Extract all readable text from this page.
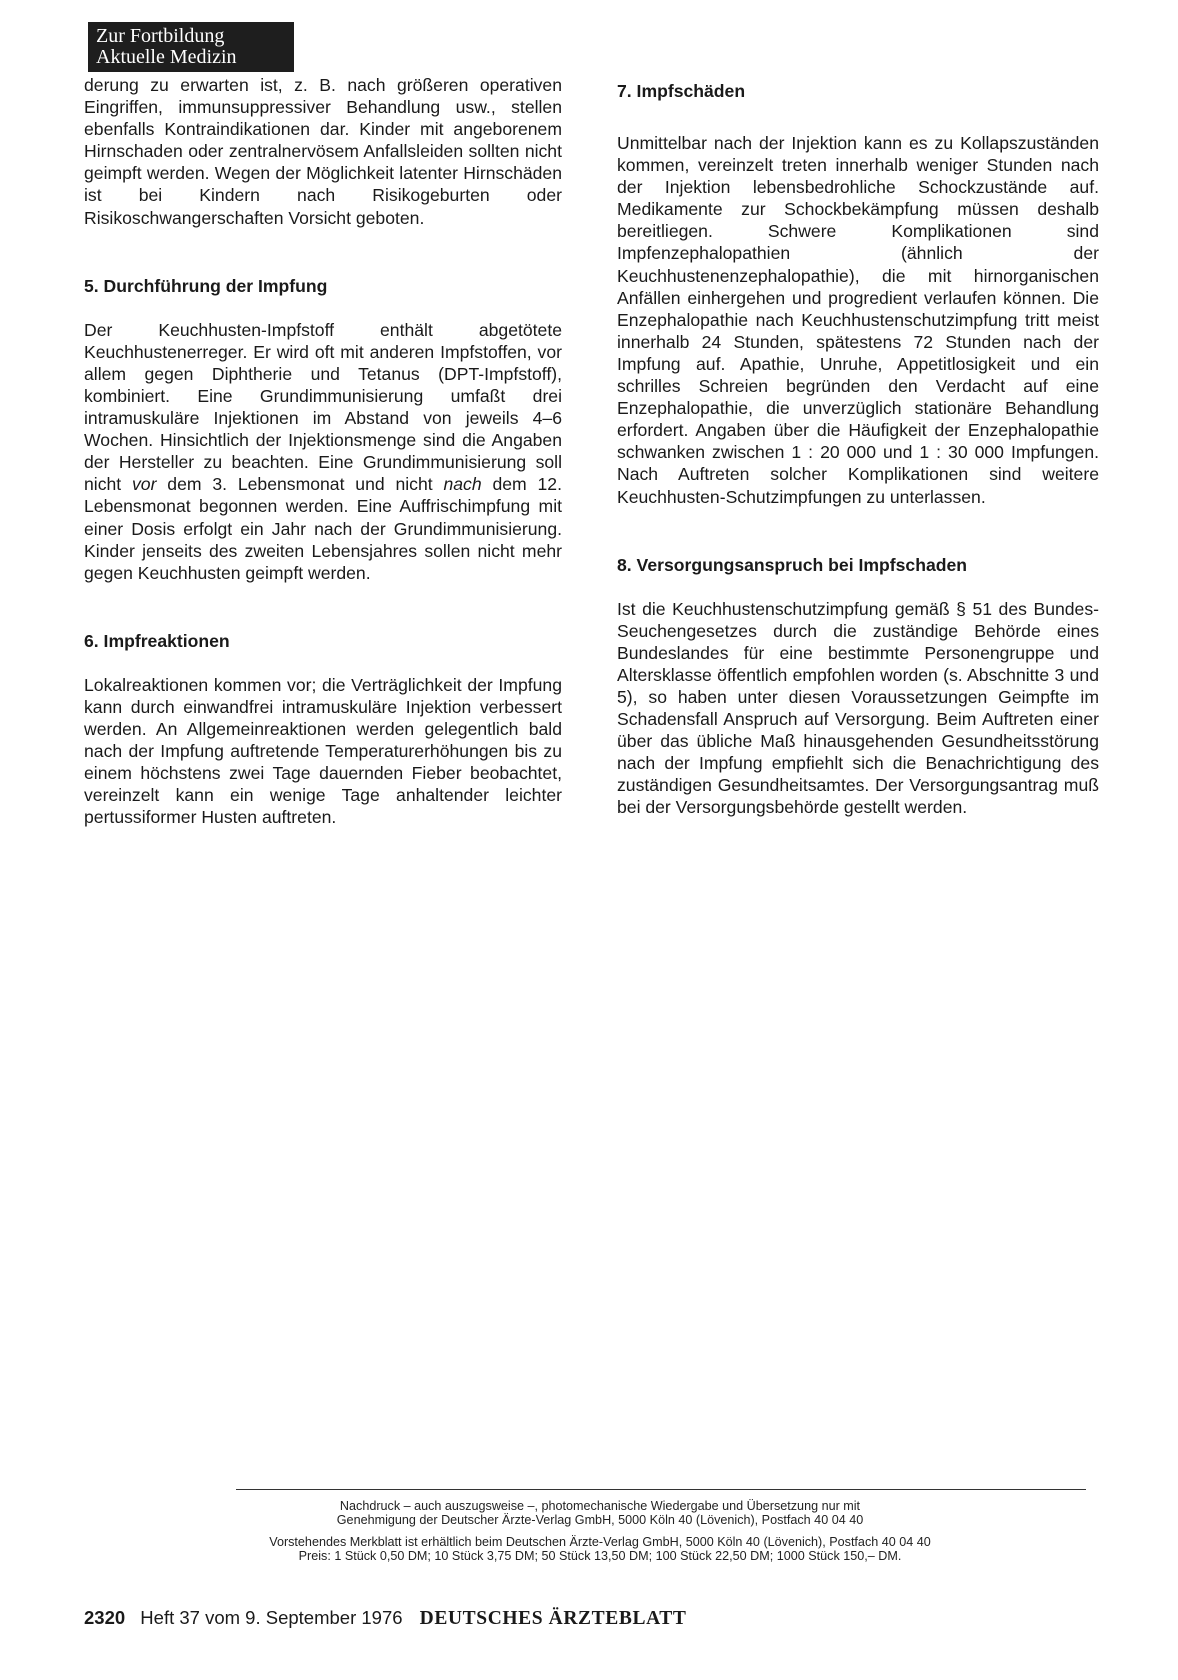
Zur Fortbildung
Aktuelle Medizin

derung zu erwarten ist, z. B. nach größeren operativen Eingriffen, immunsuppressiver Behandlung usw., stellen ebenfalls Kontraindikationen dar. Kinder mit angeborenem Hirnschaden oder zentralnervösem Anfallsleiden sollten nicht geimpft werden. Wegen der Möglichkeit latenter Hirnschäden ist bei Kindern nach Risikogeburten oder Risikoschwangerschaften Vorsicht geboten.

5. Durchführung der Impfung

Der Keuchhusten-Impfstoff enthält abgetötete Keuchhustenerreger. Er wird oft mit anderen Impfstoffen, vor allem gegen Diphtherie und Tetanus (DPT-Impfstoff), kombiniert. Eine Grundimmunisierung umfaßt drei intramuskuläre Injektionen im Abstand von jeweils 4–6 Wochen. Hinsichtlich der Injektionsmenge sind die Angaben der Hersteller zu beachten. Eine Grundimmunisierung soll nicht vor dem 3. Lebensmonat und nicht nach dem 12. Lebensmonat begonnen werden. Eine Auffrischimpfung mit einer Dosis erfolgt ein Jahr nach der Grundimmunisierung. Kinder jenseits des zweiten Lebensjahres sollen nicht mehr gegen Keuchhusten geimpft werden.

6. Impfreaktionen

Lokalreaktionen kommen vor; die Verträglichkeit der Impfung kann durch einwandfrei intramuskuläre Injektion verbessert werden. An Allgemeinreaktionen werden gelegentlich bald nach der Impfung auftretende Temperaturerhöhungen bis zu einem höchstens zwei Tage dauernden Fieber beobachtet, vereinzelt kann ein wenige Tage anhaltender leichter pertussiformer Husten auftreten.

7. Impfschäden

Unmittelbar nach der Injektion kann es zu Kollapszuständen kommen, vereinzelt treten innerhalb weniger Stunden nach der Injektion lebensbedrohliche Schockzustände auf. Medikamente zur Schockbekämpfung müssen deshalb bereitliegen. Schwere Komplikationen sind Impfenzephalopathien (ähnlich der Keuchhustenenzephalopathie), die mit hirnorganischen Anfällen einhergehen und progredient verlaufen können. Die Enzephalopathie nach Keuchhustenschutzimpfung tritt meist innerhalb 24 Stunden, spätestens 72 Stunden nach der Impfung auf. Apathie, Unruhe, Appetitlosigkeit und ein schrilles Schreien begründen den Verdacht auf eine Enzephalopathie, die unverzüglich stationäre Behandlung erfordert. Angaben über die Häufigkeit der Enzephalopathie schwanken zwischen 1 : 20 000 und 1 : 30 000 Impfungen. Nach Auftreten solcher Komplikationen sind weitere Keuchhusten-Schutzimpfungen zu unterlassen.

8. Versorgungsanspruch bei Impfschaden

Ist die Keuchhustenschutzimpfung gemäß § 51 des Bundes-Seuchengesetzes durch die zuständige Behörde eines Bundeslandes für eine bestimmte Personengruppe und Altersklasse öffentlich empfohlen worden (s. Abschnitte 3 und 5), so haben unter diesen Voraussetzungen Geimpfte im Schadensfall Anspruch auf Versorgung. Beim Auftreten einer über das übliche Maß hinausgehenden Gesundheitsstörung nach der Impfung empfiehlt sich die Benachrichtigung des zuständigen Gesundheitsamtes. Der Versorgungsantrag muß bei der Versorgungsbehörde gestellt werden.

Nachdruck – auch auszugsweise –, photomechanische Wiedergabe und Übersetzung nur mit
Genehmigung der Deutscher Ärzte-Verlag GmbH, 5000 Köln 40 (Lövenich), Postfach 40 04 40

Vorstehendes Merkblatt ist erhältlich beim Deutschen Ärzte-Verlag GmbH, 5000 Köln 40 (Lövenich), Postfach 40 04 40
Preis: 1 Stück 0,50 DM; 10 Stück 3,75 DM; 50 Stück 13,50 DM; 100 Stück 22,50 DM; 1000 Stück 150,– DM.

2320 Heft 37 vom 9. September 1976 DEUTSCHES ÄRZTEBLATT
